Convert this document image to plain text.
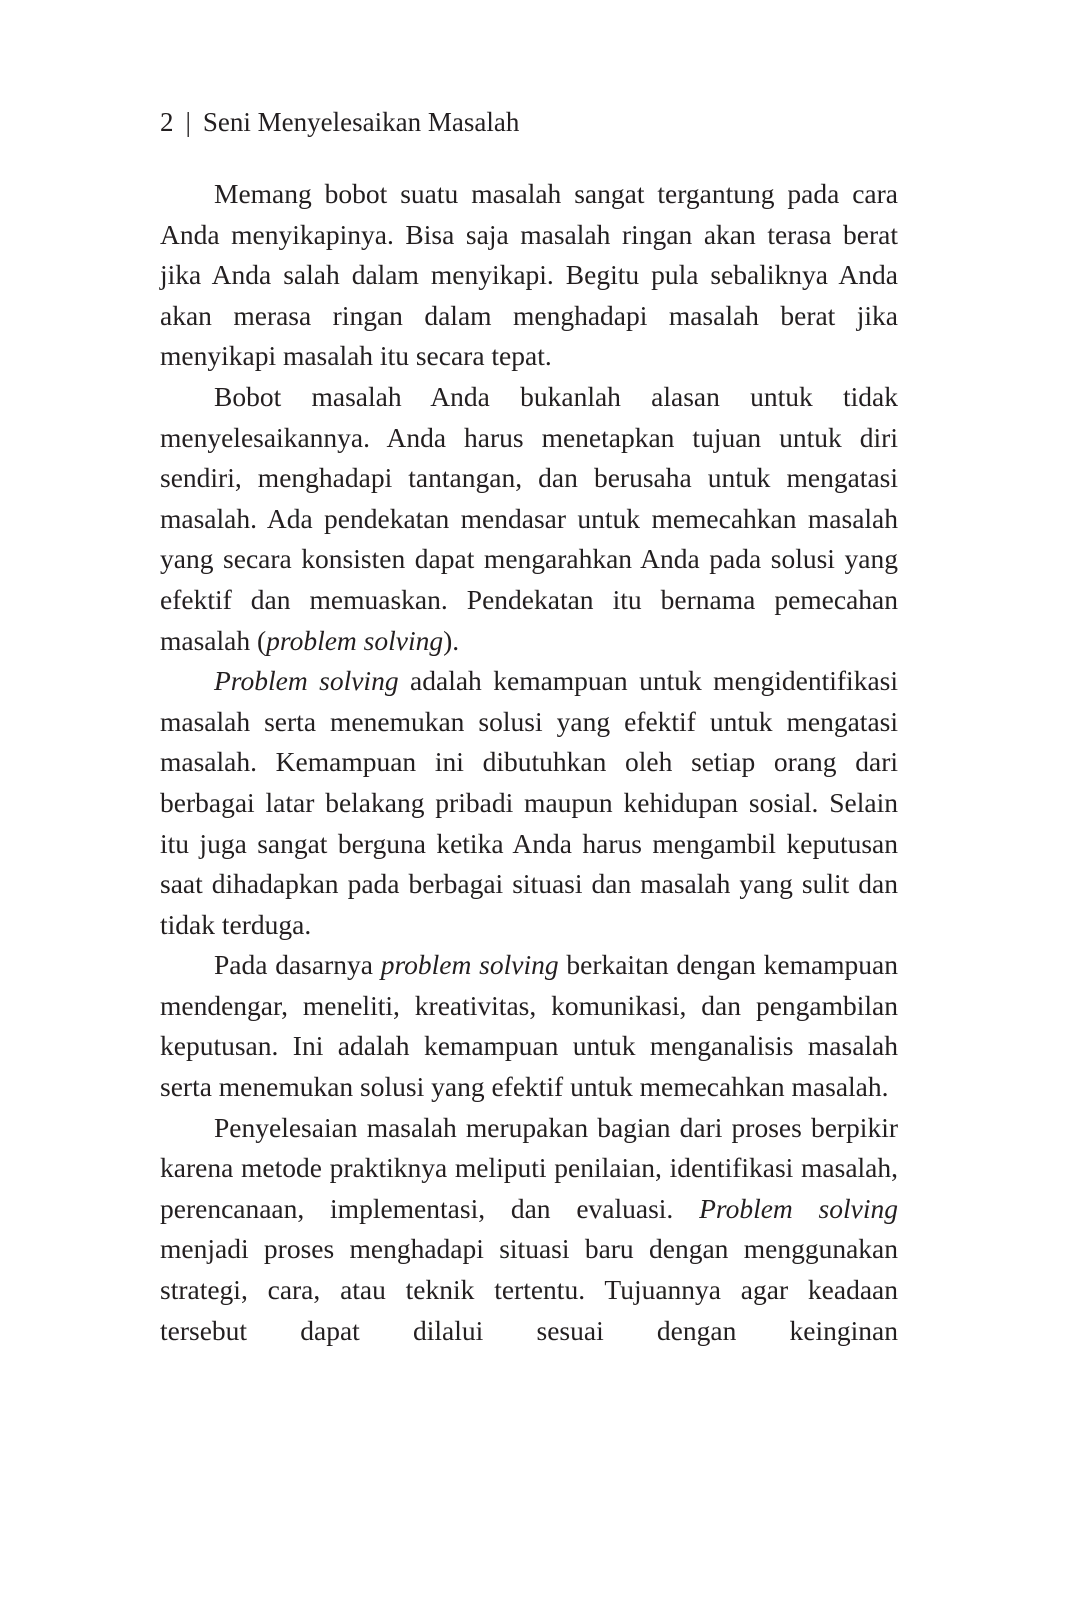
2 | Seni Menyelesaikan Masalah

Memang bobot suatu masalah sangat tergantung pada cara Anda menyikapinya. Bisa saja masalah ringan akan terasa berat jika Anda salah dalam menyikapi. Begitu pula sebaliknya Anda akan merasa ringan dalam menghadapi masalah berat jika menyikapi masalah itu secara tepat.

Bobot masalah Anda bukanlah alasan untuk tidak menyelesaikannya. Anda harus menetapkan tujuan untuk diri sendiri, menghadapi tantangan, dan berusaha untuk mengatasi masalah. Ada pendekatan mendasar untuk memecahkan masalah yang secara konsisten dapat mengarahkan Anda pada solusi yang efektif dan memuaskan. Pendekatan itu bernama pemecahan masalah (problem solving).

Problem solving adalah kemampuan untuk mengidentifikasi masalah serta menemukan solusi yang efektif untuk mengatasi masalah. Kemampuan ini dibutuhkan oleh setiap orang dari berbagai latar belakang pribadi maupun kehidupan sosial. Selain itu juga sangat berguna ketika Anda harus mengambil keputusan saat dihadapkan pada berbagai situasi dan masalah yang sulit dan tidak terduga.

Pada dasarnya problem solving berkaitan dengan kemampuan mendengar, meneliti, kreativitas, komunikasi, dan pengambilan keputusan. Ini adalah kemampuan untuk menganalisis masalah serta menemukan solusi yang efektif untuk memecahkan masalah.

Penyelesaian masalah merupakan bagian dari proses berpikir karena metode praktiknya meliputi penilaian, identifikasi masalah, perencanaan, implementasi, dan evaluasi. Problem solving menjadi proses menghadapi situasi baru dengan menggunakan strategi, cara, atau teknik tertentu. Tujuannya agar keadaan tersebut dapat dilalui sesuai dengan keinginan
